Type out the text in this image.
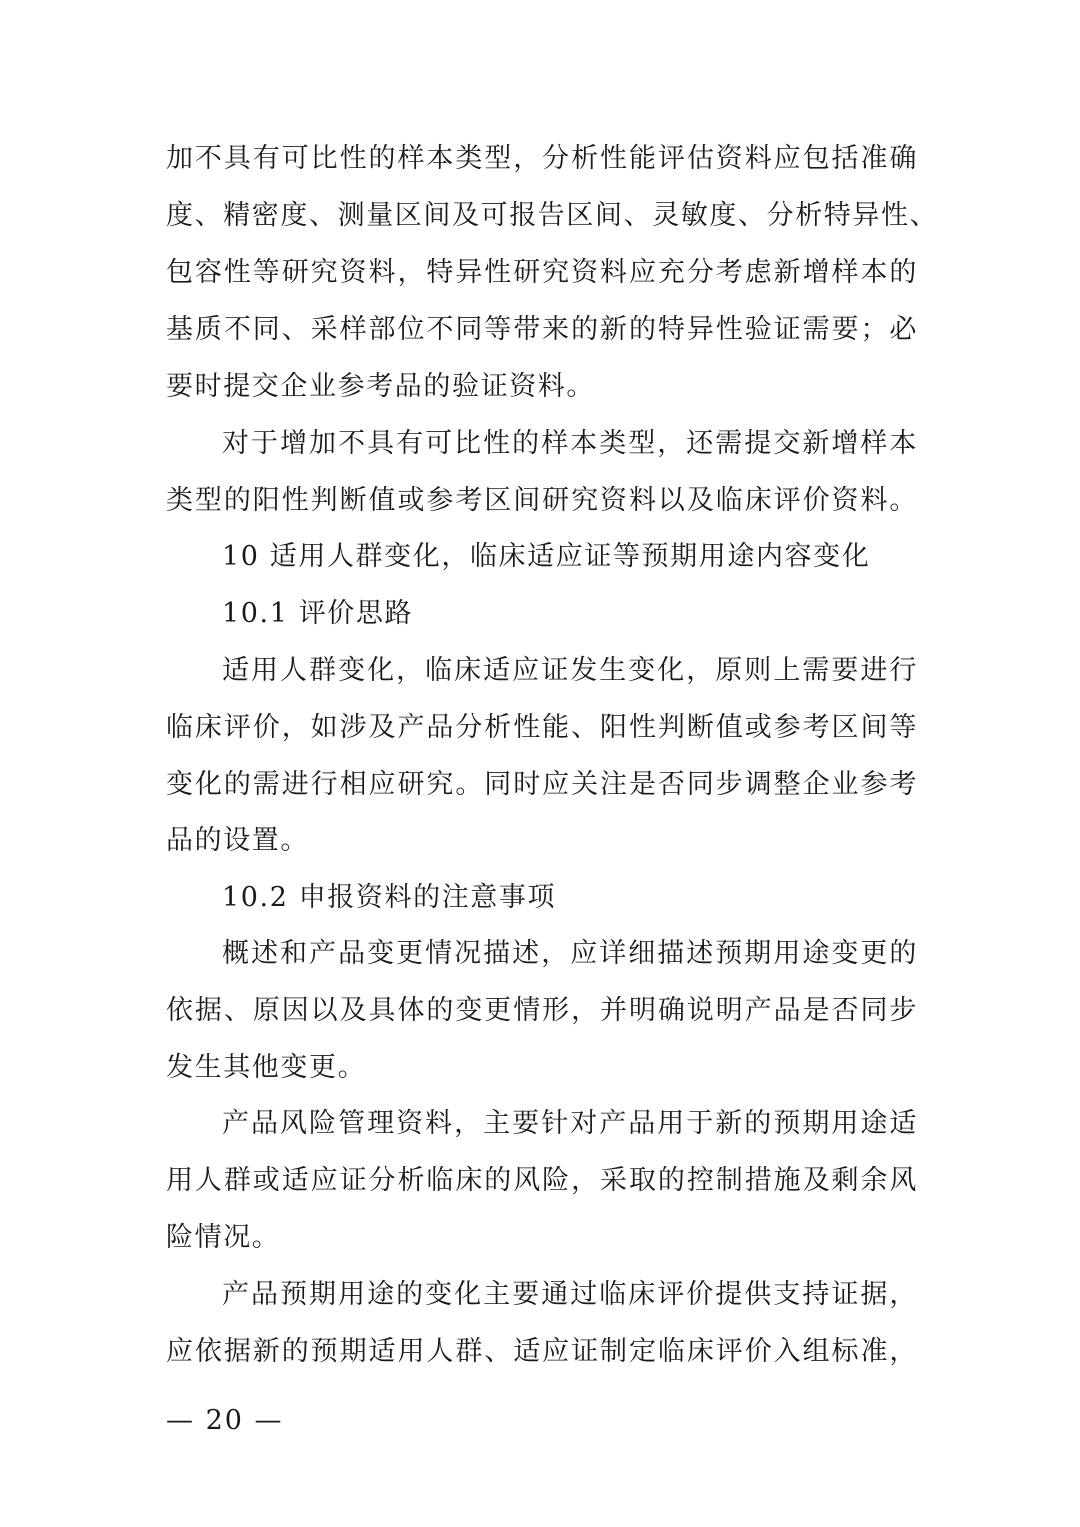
加不具有可比性的样本类型，分析性能评估资料应包括准确
度、精密度、测量区间及可报告区间、灵敏度、分析特异性、
包容性等研究资料，特异性研究资料应充分考虑新增样本的
基质不同、采样部位不同等带来的新的特异性验证需要；必
要时提交企业参考品的验证资料。
对于增加不具有可比性的样本类型，还需提交新增样本
类型的阳性判断值或参考区间研究资料以及临床评价资料。
10 适用人群变化，临床适应证等预期用途内容变化
10.1 评价思路
适用人群变化，临床适应证发生变化，原则上需要进行
临床评价，如涉及产品分析性能、阳性判断值或参考区间等
变化的需进行相应研究。同时应关注是否同步调整企业参考
品的设置。
10.2 申报资料的注意事项
概述和产品变更情况描述，应详细描述预期用途变更的
依据、原因以及具体的变更情形，并明确说明产品是否同步
发生其他变更。
产品风险管理资料，主要针对产品用于新的预期用途适
用人群或适应证分析临床的风险，采取的控制措施及剩余风
险情况。
产品预期用途的变化主要通过临床评价提供支持证据，
应依据新的预期适用人群、适应证制定临床评价入组标准，
— 20 —
